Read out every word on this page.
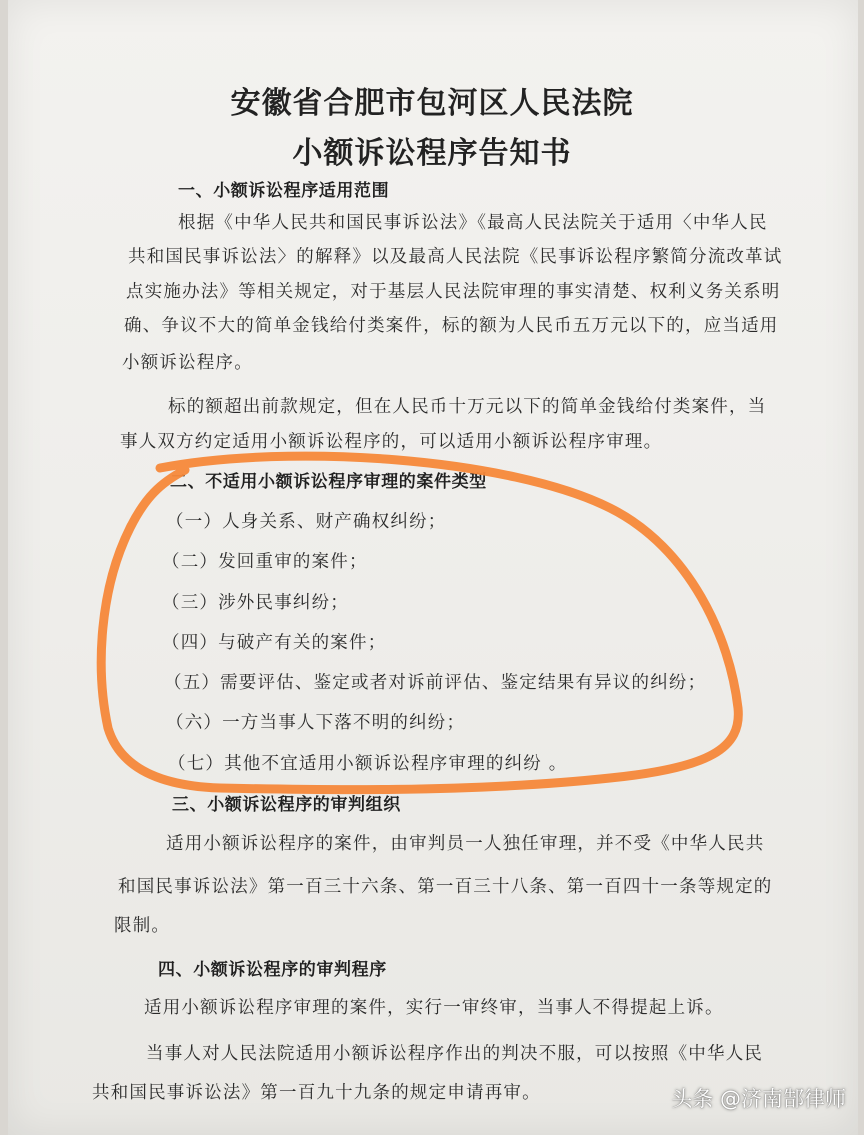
安徽省合肥市包河区人民法院
小额诉讼程序告知书
一、小额诉讼程序适用范围
根据《中华人民共和国民事诉讼法》《最高人民法院关于适用〈中华人民
共和国民事诉讼法〉的解释》以及最高人民法院《民事诉讼程序繁简分流改革试
点实施办法》等相关规定，对于基层人民法院审理的事实清楚、权利义务关系明
确、争议不大的简单金钱给付类案件，标的额为人民币五万元以下的，应当适用
小额诉讼程序。
标的额超出前款规定，但在人民币十万元以下的简单金钱给付类案件，当
事人双方约定适用小额诉讼程序的，可以适用小额诉讼程序审理。
二、不适用小额诉讼程序审理的案件类型
（一）人身关系、财产确权纠纷；
（二）发回重审的案件；
（三）涉外民事纠纷；
（四）与破产有关的案件；
（五）需要评估、鉴定或者对诉前评估、鉴定结果有异议的纠纷；
（六）一方当事人下落不明的纠纷；
（七）其他不宜适用小额诉讼程序审理的纠纷 。
三、小额诉讼程序的审判组织
适用小额诉讼程序的案件，由审判员一人独任审理，并不受《中华人民共
和国民事诉讼法》第一百三十六条、第一百三十八条、第一百四十一条等规定的
限制。
四、小额诉讼程序的审判程序
适用小额诉讼程序审理的案件，实行一审终审，当事人不得提起上诉。
当事人对人民法院适用小额诉讼程序作出的判决不服，可以按照《中华人民
共和国民事诉讼法》第一百九十九条的规定申请再审。	头条 @济南郜律师
